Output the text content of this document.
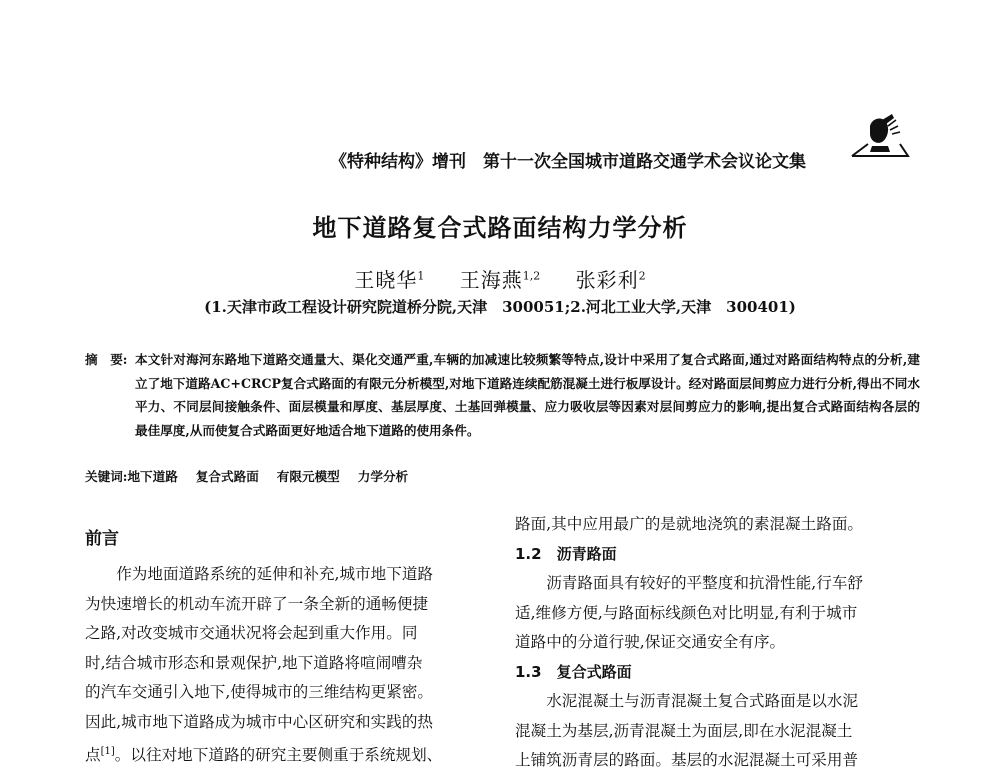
《特种结构》增刊　第十一次全国城市道路交通学术会议论文集
地下道路复合式路面结构力学分析
王晓华$^1$ 王海燕$^{1,2}$ 张彩利$^2$
(1.天津市政工程设计研究院道桥分院,天津　300051;2.河北工业大学,天津　300401)
摘　要: 本文针对海河东路地下道路交通量大、渠化交通严重,车辆的加减速比较频繁等特点,设计中采用了复合式路面,通过对路面结构特点的分析,建立了地下道路AC+CRCP复合式路面的有限元分析模型,对地下道路连续配筋混凝土进行板厚设计。经对路面层间剪应力进行分析,得出不同水平力、不同层间接触条件、面层模量和厚度、基层厚度、土基回弹模量、应力吸收层等因素对层间剪应力的影响,提出复合式路面结构各层的最佳厚度,从而使复合式路面更好地适合地下道路的使用条件。
关键词:地下道路 复合式路面 有限元模型 力学分析
前言
作为地面道路系统的延伸和补充,城市地下道路
为快速增长的机动车流开辟了一条全新的通畅便捷
之路,对改变城市交通状况将会起到重大作用。同
时,结合城市形态和景观保护,地下道路将喧闹嘈杂
的汽车交通引入地下,使得城市的三维结构更紧密。
因此,城市地下道路成为城市中心区研究和实践的热
点[1]。以往对地下道路的研究主要侧重于系统规划、
路面,其中应用最广的是就地浇筑的素混凝土路面。
1.2　沥青路面
沥青路面具有较好的平整度和抗滑性能,行车舒
适,维修方便,与路面标线颜色对比明显,有利于城市
道路中的分道行驶,保证交通安全有序。
1.3　复合式路面
水泥混凝土与沥青混凝土复合式路面是以水泥
混凝土为基层,沥青混凝土为面层,即在水泥混凝土
上铺筑沥青层的路面。基层的水泥混凝土可采用普
